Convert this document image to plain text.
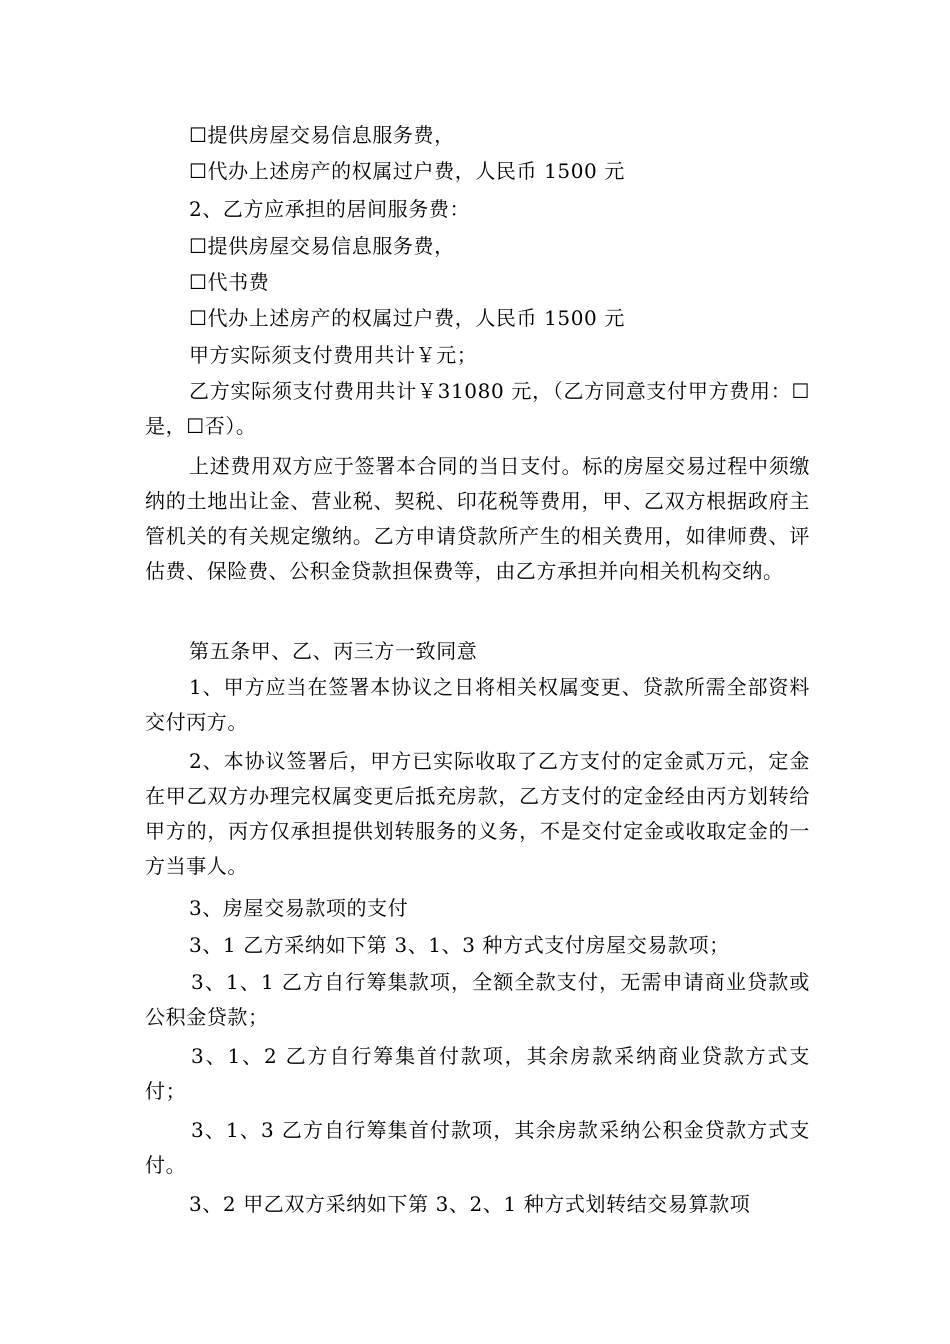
☐提供房屋交易信息服务费，

☐代办上述房产的权属过户费，人民币 1500 元

2、乙方应承担的居间服务费：

☐提供房屋交易信息服务费，

☐代书费

☐代办上述房产的权属过户费，人民币 1500 元

甲方实际须支付费用共计￥元；

乙方实际须支付费用共计￥31080 元，（乙方同意支付甲方费用：☐是，☐否）。

上述费用双方应于签署本合同的当日支付。标的房屋交易过程中须缴纳的土地出让金、营业税、契税、印花税等费用，甲、乙双方根据政府主管机关的有关规定缴纳。乙方申请贷款所产生的相关费用，如律师费、评估费、保险费、公积金贷款担保费等，由乙方承担并向相关机构交纳。

第五条甲、乙、丙三方一致同意

1、甲方应当在签署本协议之日将相关权属变更、贷款所需全部资料交付丙方。

2、本协议签署后，甲方已实际收取了乙方支付的定金贰万元，定金在甲乙双方办理完权属变更后抵充房款，乙方支付的定金经由丙方划转给甲方的，丙方仅承担提供划转服务的义务，不是交付定金或收取定金的一方当事人。

3、房屋交易款项的支付

3、1 乙方采纳如下第 3、1、3 种方式支付房屋交易款项；

3、1、1 乙方自行筹集款项，全额全款支付，无需申请商业贷款或公积金贷款；

3、1、2 乙方自行筹集首付款项，其余房款采纳商业贷款方式支付；

3、1、3 乙方自行筹集首付款项，其余房款采纳公积金贷款方式支付。

3、2 甲乙双方采纳如下第 3、2、1 种方式划转结交易算款项
